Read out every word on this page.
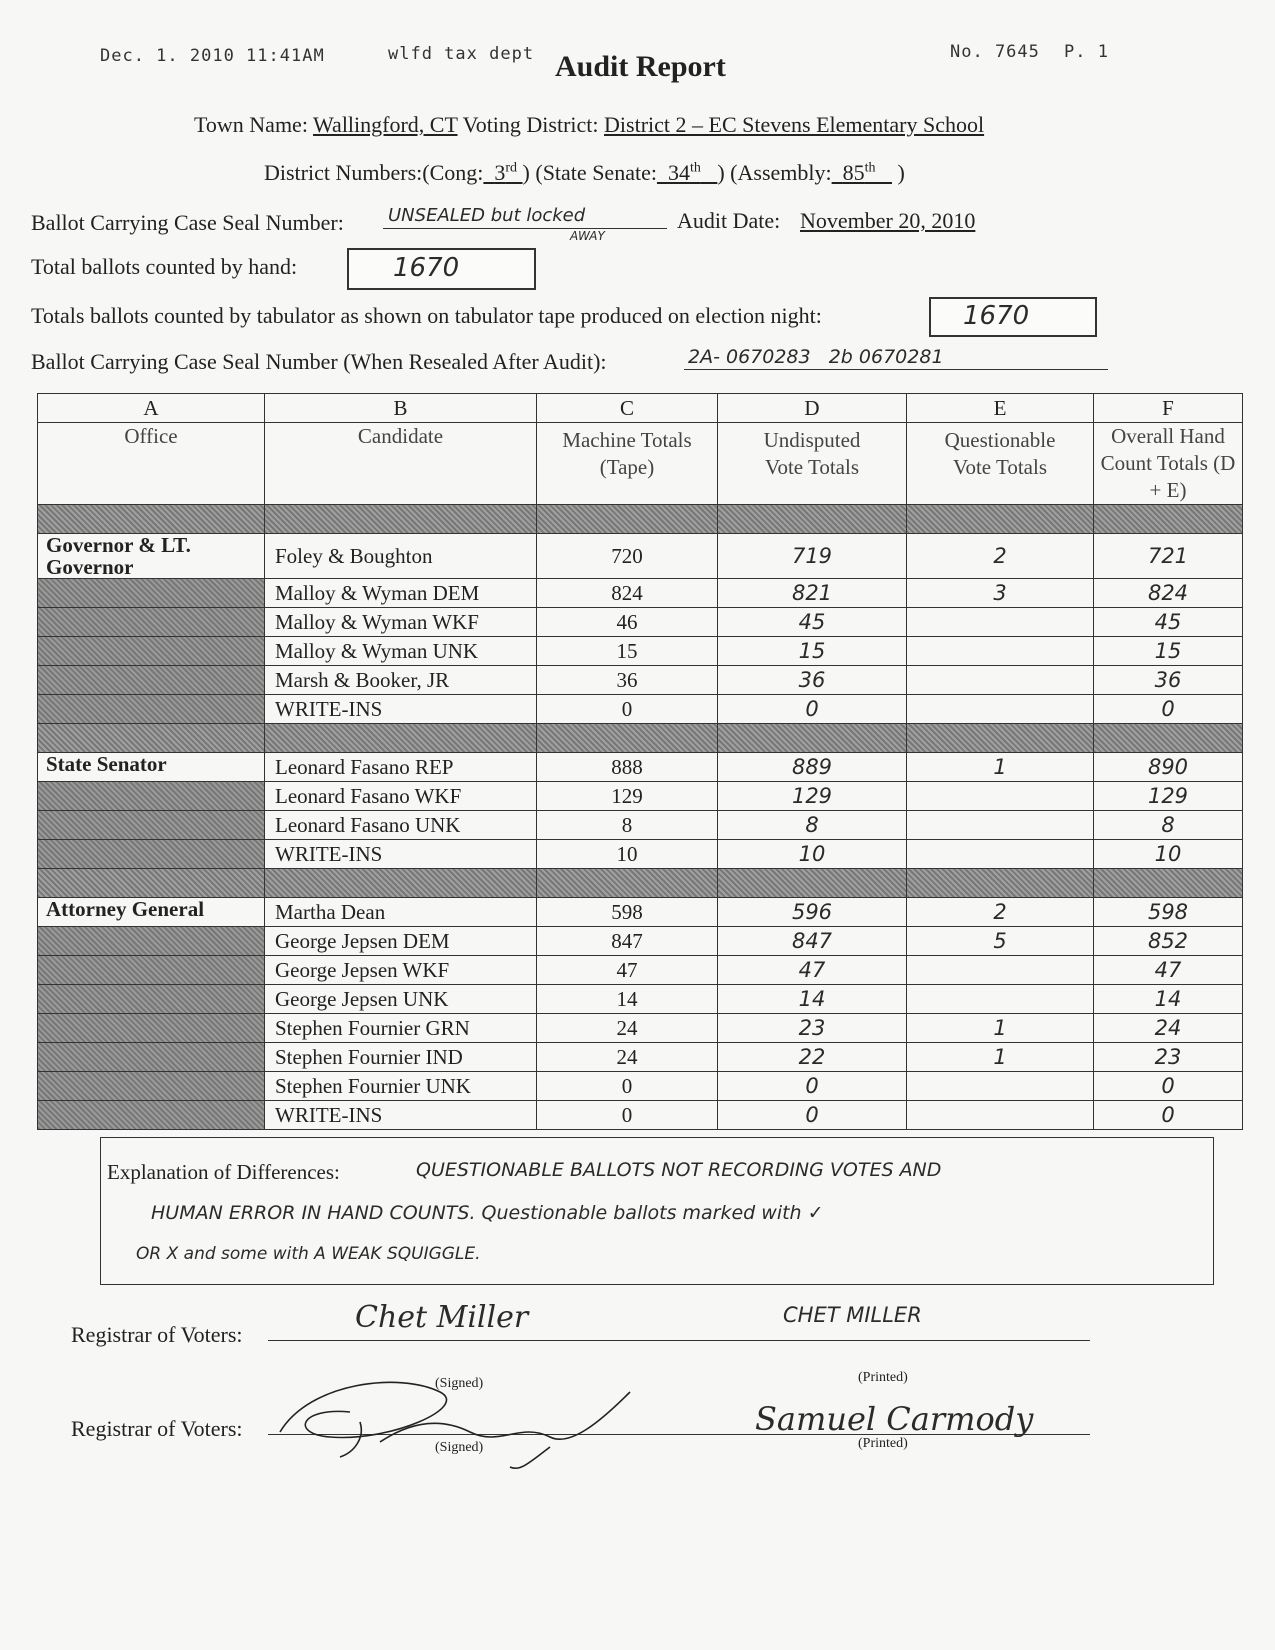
Dec. 1. 2010 11:41AM	wlfd tax dept	No. 7645 P. 1
Audit Report
Town Name: Wallingford, CT Voting District: District 2 – EC Stevens Elementary School
District Numbers:(Cong: 3rd ) (State Senate: 34th ) (Assembly: 85th )
Ballot Carrying Case Seal Number: UNSEALED but locked
AWAY
Audit Date: November 20, 2010
Total ballots counted by hand:	1670
Totals ballots counted by tabulator as shown on tabulator tape produced on election night:	1670
Ballot Carrying Case Seal Number (When Resealed After Audit):	2A- 0670283   2b 0670281
A	B	C	D	E	F
Office	Candidate	Machine Totals (Tape)	Undisputed Vote Totals	Questionable Vote Totals	Overall Hand Count Totals (D + E)

Governor & LT. Governor	Foley & Boughton	720	719	2	721
	Malloy & Wyman DEM	824	821	3	824
	Malloy & Wyman WKF	46	45		45
	Malloy & Wyman UNK	15	15		15
	Marsh & Booker, JR	36	36		36
	WRITE-INS	0	0		0

State Senator	Leonard Fasano REP	888	889	1	890
	Leonard Fasano WKF	129	129		129
	Leonard Fasano UNK	8	8		8
	WRITE-INS	10	10		10

Attorney General	Martha Dean	598	596	2	598
	George Jepsen DEM	847	847	5	852
	George Jepsen WKF	47	47		47
	George Jepsen UNK	14	14		14
	Stephen Fournier GRN	24	23	1	24
	Stephen Fournier IND	24	22	1	23
	Stephen Fournier UNK	0	0		0
	WRITE-INS	0	0		0
Explanation of Differences:	QUESTIONABLE BALLOTS NOT RECORDING VOTES AND
HUMAN ERROR IN HAND COUNTS. Questionable ballots marked with ✓
OR X and some with A WEAK SQUIGGLE.
Registrar of Voters:	Chet Miller	CHET MILLER
(Signed)	(Printed)
Registrar of Voters:	Samuel Carmody
(Signed)	(Printed)
